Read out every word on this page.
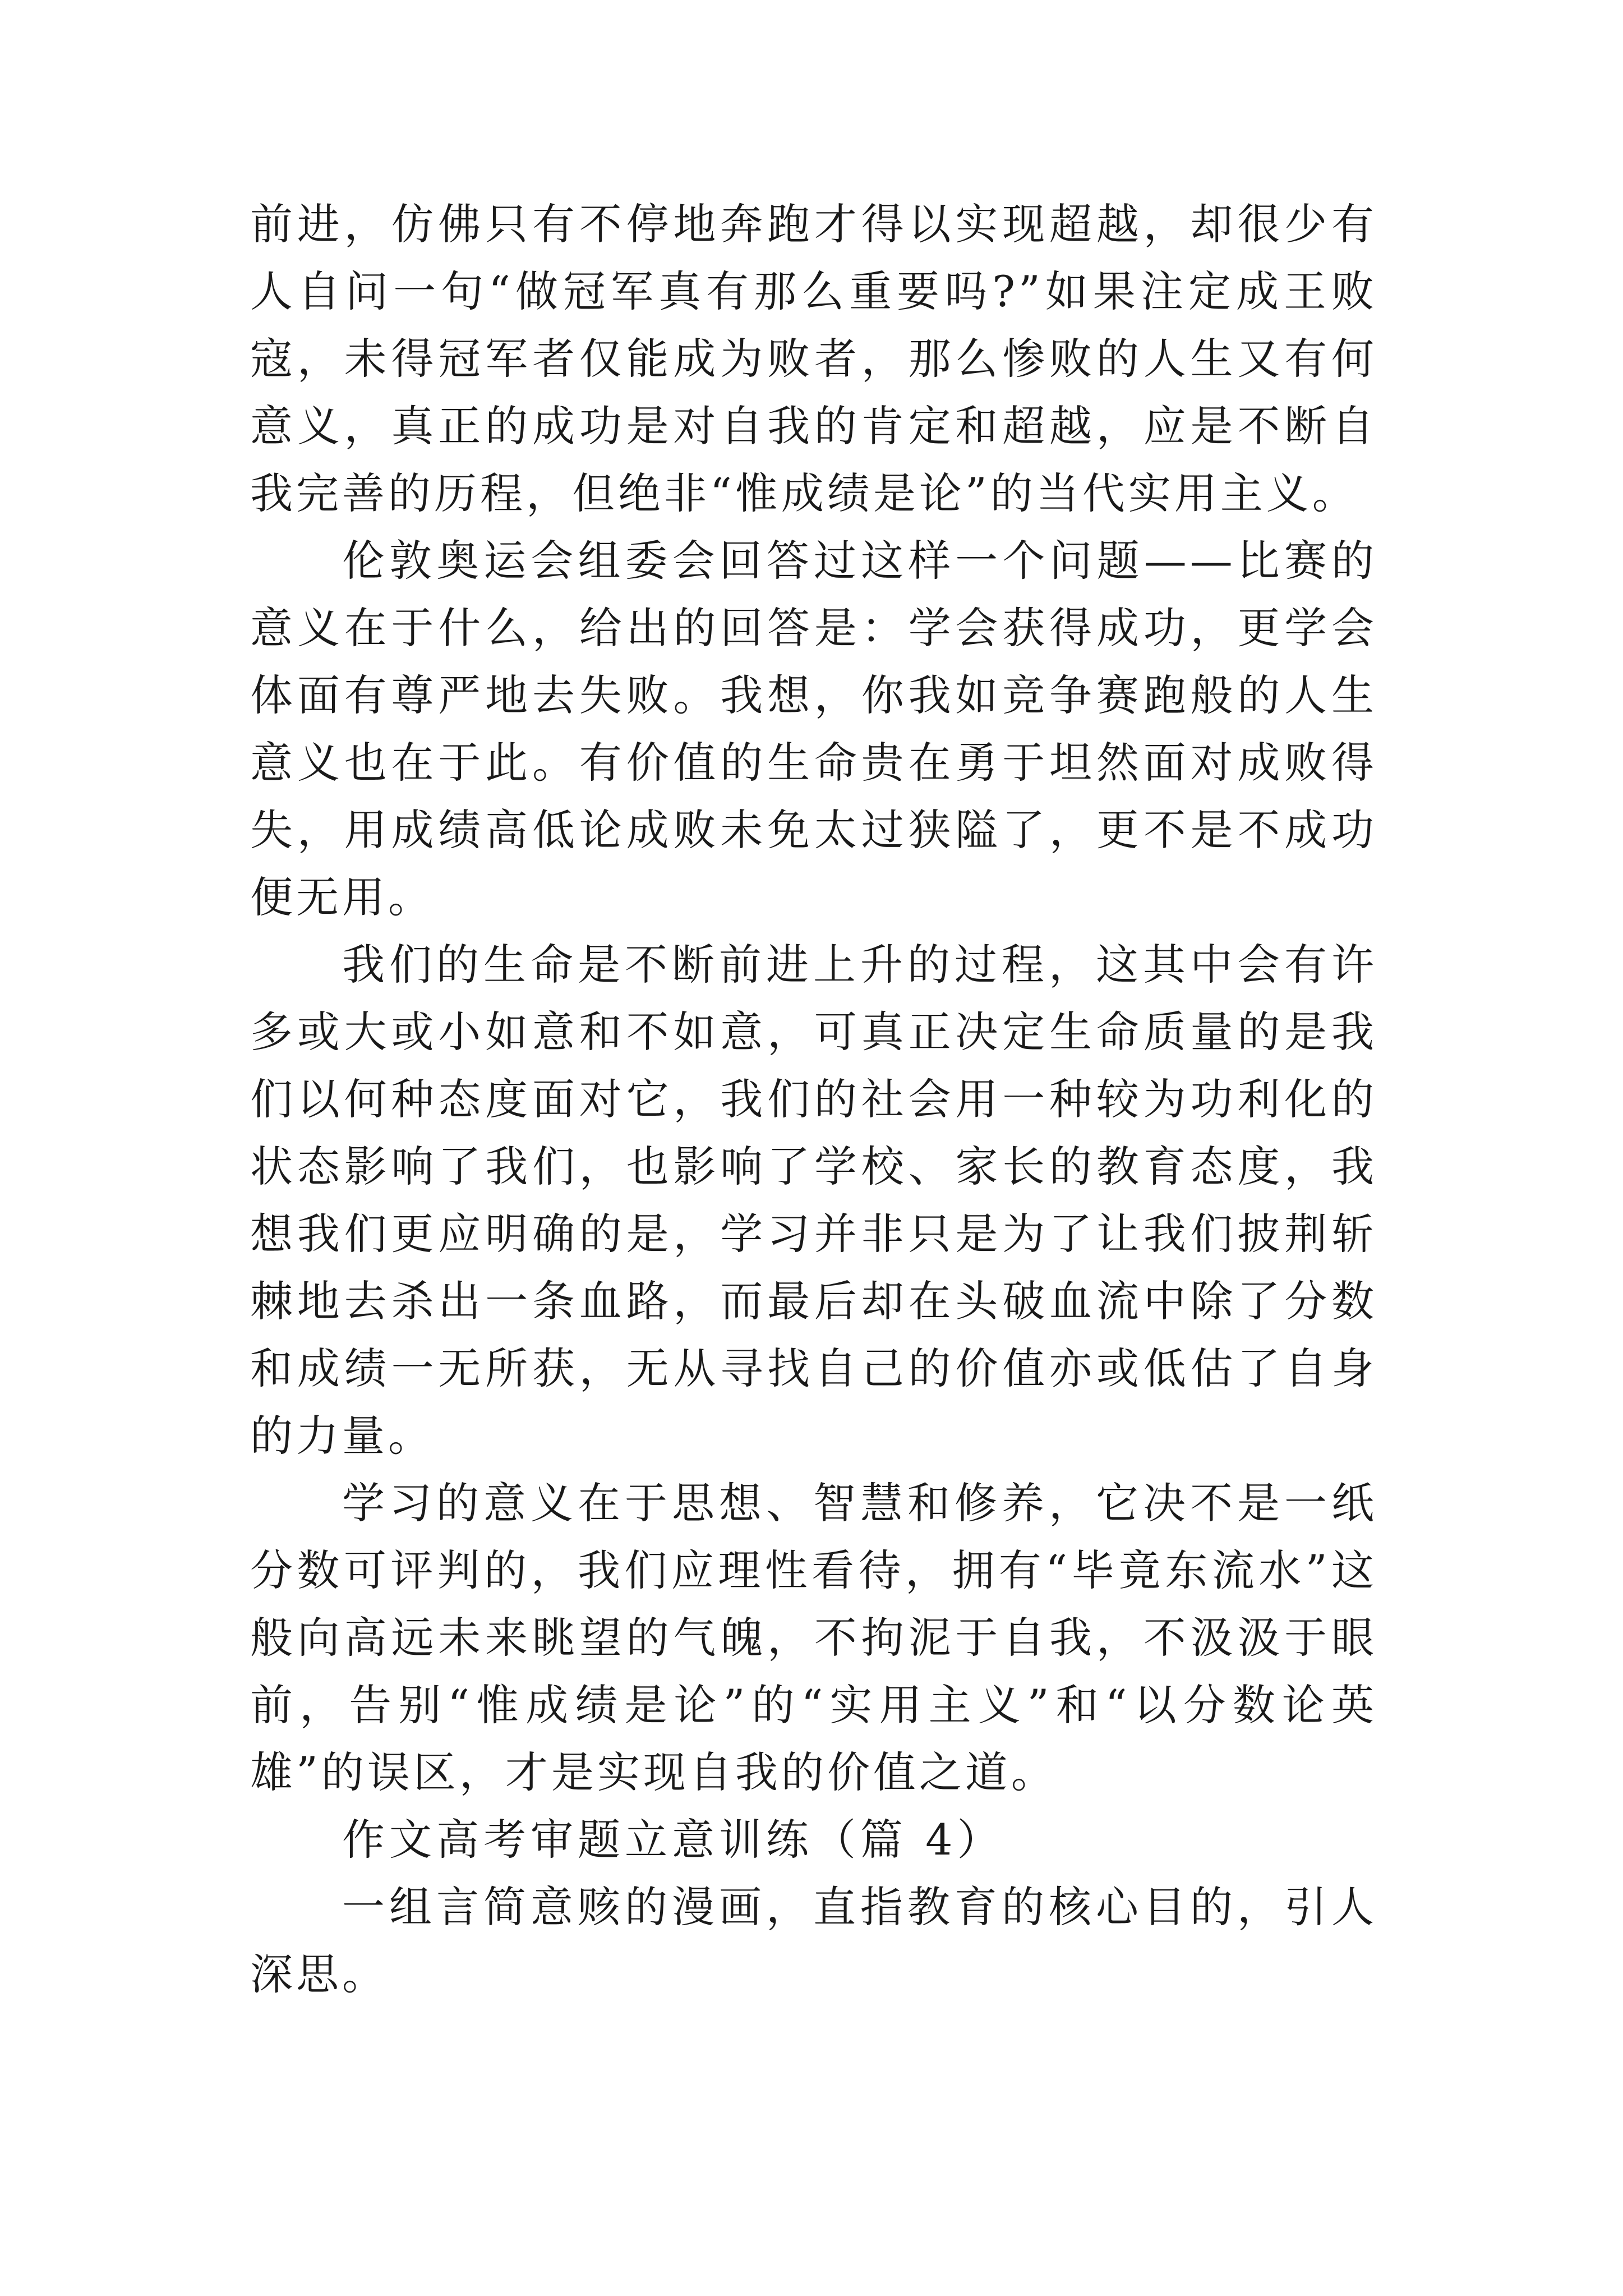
前进，仿佛只有不停地奔跑才得以实现超越，却很少有人自问一句“做冠军真有那么重要吗?”如果注定成王败寇，未得冠军者仅能成为败者，那么惨败的人生又有何意义，真正的成功是对自我的肯定和超越，应是不断自我完善的历程，但绝非“惟成绩是论”的当代实用主义。

伦敦奥运会组委会回答过这样一个问题——比赛的意义在于什么，给出的回答是：学会获得成功，更学会体面有尊严地去失败。我想，你我如竞争赛跑般的人生意义也在于此。有价值的生命贵在勇于坦然面对成败得失，用成绩高低论成败未免太过狭隘了，更不是不成功便无用。

我们的生命是不断前进上升的过程，这其中会有许多或大或小如意和不如意，可真正决定生命质量的是我们以何种态度面对它，我们的社会用一种较为功利化的状态影响了我们，也影响了学校、家长的教育态度，我想我们更应明确的是，学习并非只是为了让我们披荆斩棘地去杀出一条血路，而最后却在头破血流中除了分数和成绩一无所获，无从寻找自己的价值亦或低估了自身的力量。

学习的意义在于思想、智慧和修养，它决不是一纸分数可评判的，我们应理性看待，拥有“毕竟东流水”这般向高远未来眺望的气魄，不拘泥于自我，不汲汲于眼前，告别“惟成绩是论”的“实用主义”和“以分数论英雄”的误区，才是实现自我的价值之道。

作文高考审题立意训练（篇 4）

一组言简意赅的漫画，直指教育的核心目的，引人深思。
